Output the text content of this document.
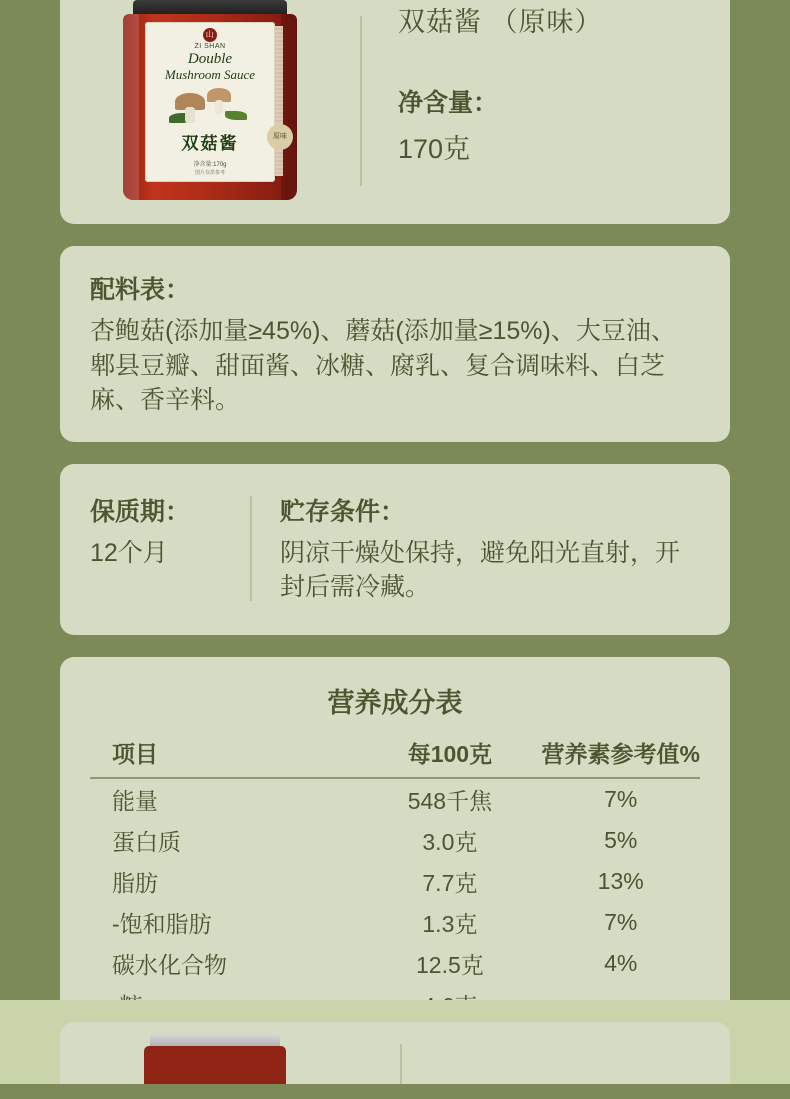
山
ZI SHAN
Double
Mushroom Sauce
双菇酱
净含量:170g
图片仅供参考
原味
双菇酱 （原味）
净含量：
170克
配料表：
杏鲍菇(添加量≥45%)、蘑菇(添加量≥15%)、大豆油、郫县豆瓣、甜面酱、冰糖、腐乳、复合调味料、白芝麻、香辛料。
保质期：
12个月
贮存条件：
阴凉干燥处保持，避免阳光直射，开封后需冷藏。
营养成分表
项目	每100克	营养素参考值%
能量	548千焦	7%
蛋白质	3.0克	5%
脂肪	7.7克	13%
-饱和脂肪	1.3克	7%
碳水化合物	12.5克	4%
